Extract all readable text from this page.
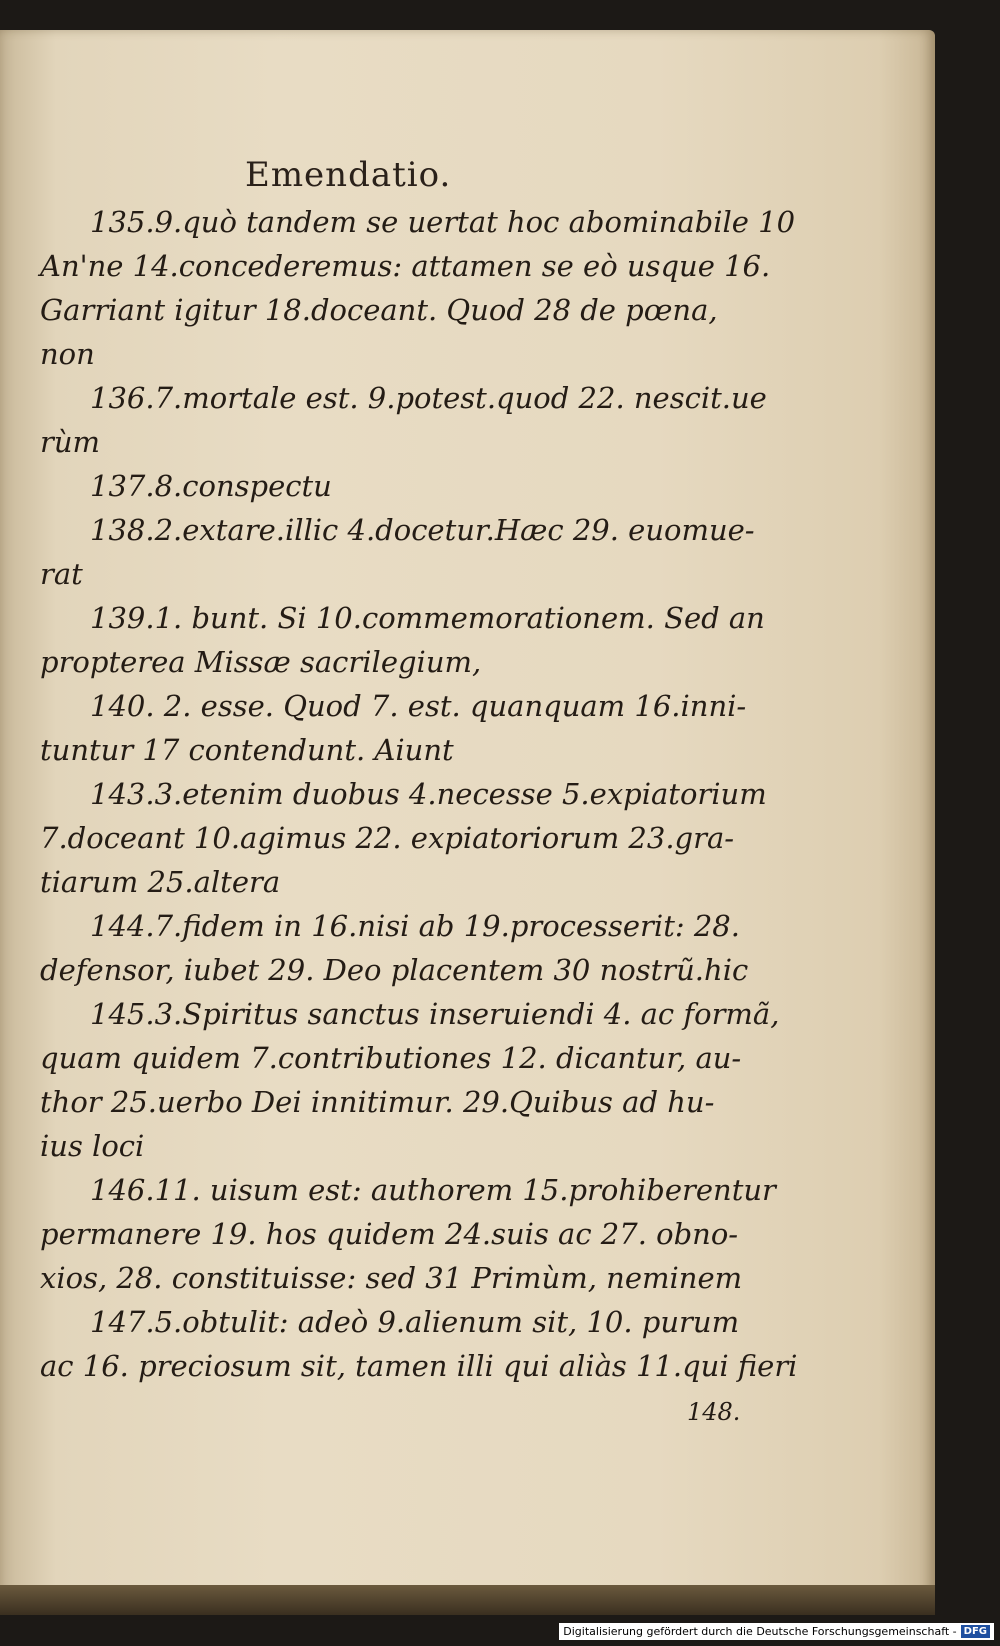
Emendatio.
135.9.quò tandem se uertat hoc abominabile 10
An'ne 14.concederemus: attamen se eò usque 16.
Garriant igitur 18.doceant. Quod 28 de pœna,
non
136.7.mortale est. 9.potest.quod 22. nescit.ue
rùm
137.8.conspectu
138.2.extare.illic 4.docetur.Hæc 29. euomue-
rat
139.1. bunt. Si 10.commemorationem. Sed an
propterea Missæ sacrilegium,
140. 2. esse. Quod 7. est. quanquam 16.inni-
tuntur 17 contendunt. Aiunt
143.3.etenim duobus 4.necesse 5.expiatorium
7.doceant 10.agimus 22. expiatoriorum 23.gra-
tiarum 25.altera
144.7.fidem in 16.nisi ab 19.processerit: 28.
defensor, iubet 29. Deo placentem 30 nostrũ.hic
145.3.Spiritus sanctus inseruiendi 4. ac formã,
quam quidem 7.contributiones 12. dicantur, au-
thor 25.uerbo Dei innitimur. 29.Quibus ad hu-
ius loci
146.11. uisum est: authorem 15.prohiberentur
permanere 19. hos quidem 24.suis ac 27. obno-
xios, 28. constituisse: sed 31 Primùm, neminem
147.5.obtulit: adeò 9.alienum sit, 10. purum
ac 16. preciosum sit, tamen illi qui aliàs 11.qui fieri
148.
Digitalisierung gefördert durch die Deutsche Forschungsgemeinschaft - DFG
